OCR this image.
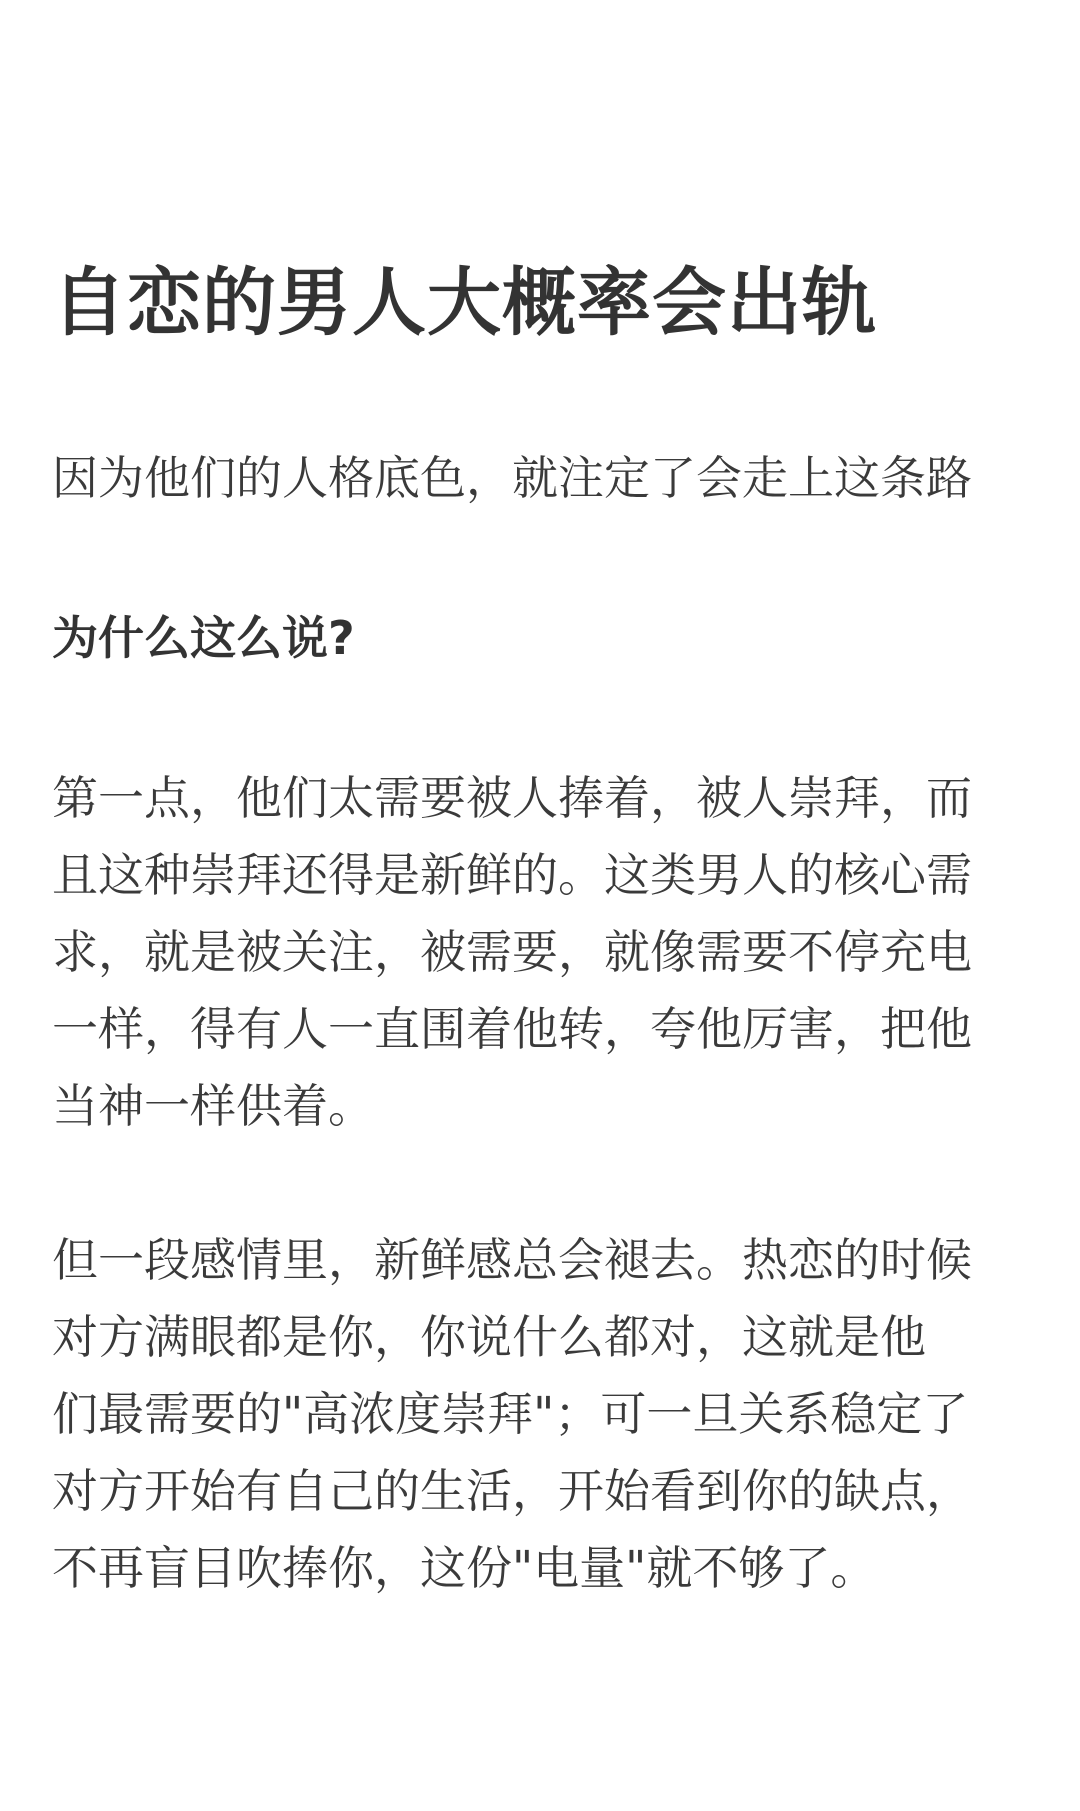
自恋的男人大概率会出轨

因为他们的人格底色，就注定了会走上这条路

为什么这么说?

第一点，他们太需要被人捧着，被人崇拜，而
且这种崇拜还得是新鲜的。这类男人的核心需
求，就是被关注，被需要，就像需要不停充电
一样，得有人一直围着他转，夸他厉害，把他
当神一样供着。
但一段感情里，新鲜感总会褪去。热恋的时候
对方满眼都是你，你说什么都对，这就是他
们最需要的"高浓度崇拜"；可一旦关系稳定了
对方开始有自己的生活，开始看到你的缺点，
不再盲目吹捧你，这份"电量"就不够了。
